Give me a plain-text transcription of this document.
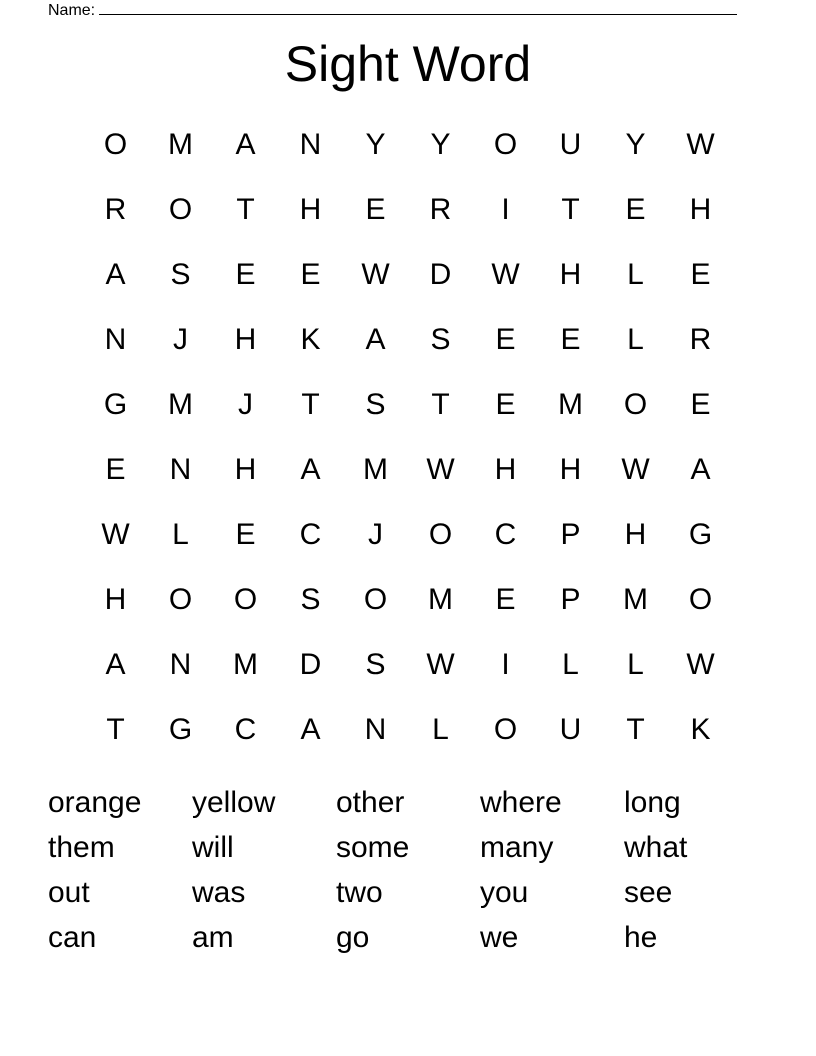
Name:
Sight Word
O	M	A	N	Y	Y	O	U	Y	W
R	O	T	H	E	R	I	T	E	H
A	S	E	E	W	D	W	H	L	E
N	J	H	K	A	S	E	E	L	R
G	M	J	T	S	T	E	M	O	E
E	N	H	A	M	W	H	H	W	A
W	L	E	C	J	O	C	P	H	G
H	O	O	S	O	M	E	P	M	O
A	N	M	D	S	W	I	L	L	W
T	G	C	A	N	L	O	U	T	K
orange	yellow	other	where	long
them	will	some	many	what
out	was	two	you	see
can	am	go	we	he
